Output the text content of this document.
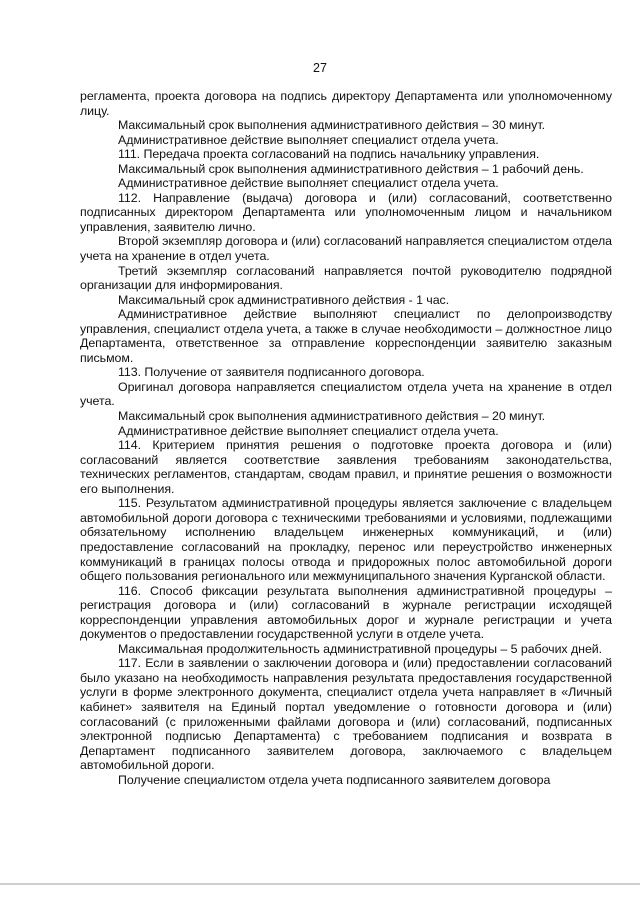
27

регламента, проекта договора на подпись директору Департамента или уполномоченному лицу.

Максимальный срок выполнения административного действия – 30 минут.

Административное действие выполняет специалист отдела учета.

111. Передача проекта согласований на подпись начальнику управления.

Максимальный срок выполнения административного действия – 1 рабочий день.

Административное действие выполняет специалист отдела учета.

112. Направление (выдача) договора и (или) согласований, соответственно подписанных директором Департамента или уполномоченным лицом и начальником управления, заявителю лично.

Второй экземпляр договора и (или) согласований направляется специалистом отдела учета на хранение в отдел учета.

Третий экземпляр согласований направляется почтой руководителю подрядной организации для информирования.

Максимальный срок административного действия - 1 час.

Административное действие выполняют специалист по делопроизводству управления, специалист отдела учета, а также в случае необходимости – должностное лицо Департамента, ответственное за отправление корреспонденции заявителю заказным письмом.

113. Получение от заявителя подписанного договора.

Оригинал договора направляется специалистом отдела учета на хранение в отдел учета.

Максимальный срок выполнения административного действия – 20 минут.

Административное действие выполняет специалист отдела учета.

114. Критерием принятия решения о подготовке проекта договора и (или) согласований является соответствие заявления требованиям законодательства, технических регламентов, стандартам, сводам правил, и принятие решения о возможности его выполнения.

115. Результатом административной процедуры является заключение с владельцем автомобильной дороги договора с техническими требованиями и условиями, подлежащими обязательному исполнению владельцем инженерных коммуникаций, и (или) предоставление согласований на прокладку, перенос или переустройство инженерных коммуникаций в границах полосы отвода и придорожных полос автомобильной дороги общего пользования регионального или межмуниципального значения Курганской области.

116. Способ фиксации результата выполнения административной процедуры – регистрация договора и (или) согласований в журнале регистрации исходящей корреспонденции управления автомобильных дорог и журнале регистрации и учета документов о предоставлении государственной услуги в отделе учета.

Максимальная продолжительность административной процедуры – 5 рабочих дней.

117. Если в заявлении о заключении договора и (или) предоставлении согласований было указано на необходимость направления результата предоставления государственной услуги в форме электронного документа, специалист отдела учета направляет в «Личный кабинет» заявителя на Единый портал уведомление о готовности договора и (или) согласований (с приложенными файлами договора и (или) согласований, подписанных электронной подписью Департамента) с требованием подписания и возврата в Департамент подписанного заявителем договора, заключаемого с владельцем автомобильной дороги.

Получение специалистом отдела учета подписанного заявителем договора
